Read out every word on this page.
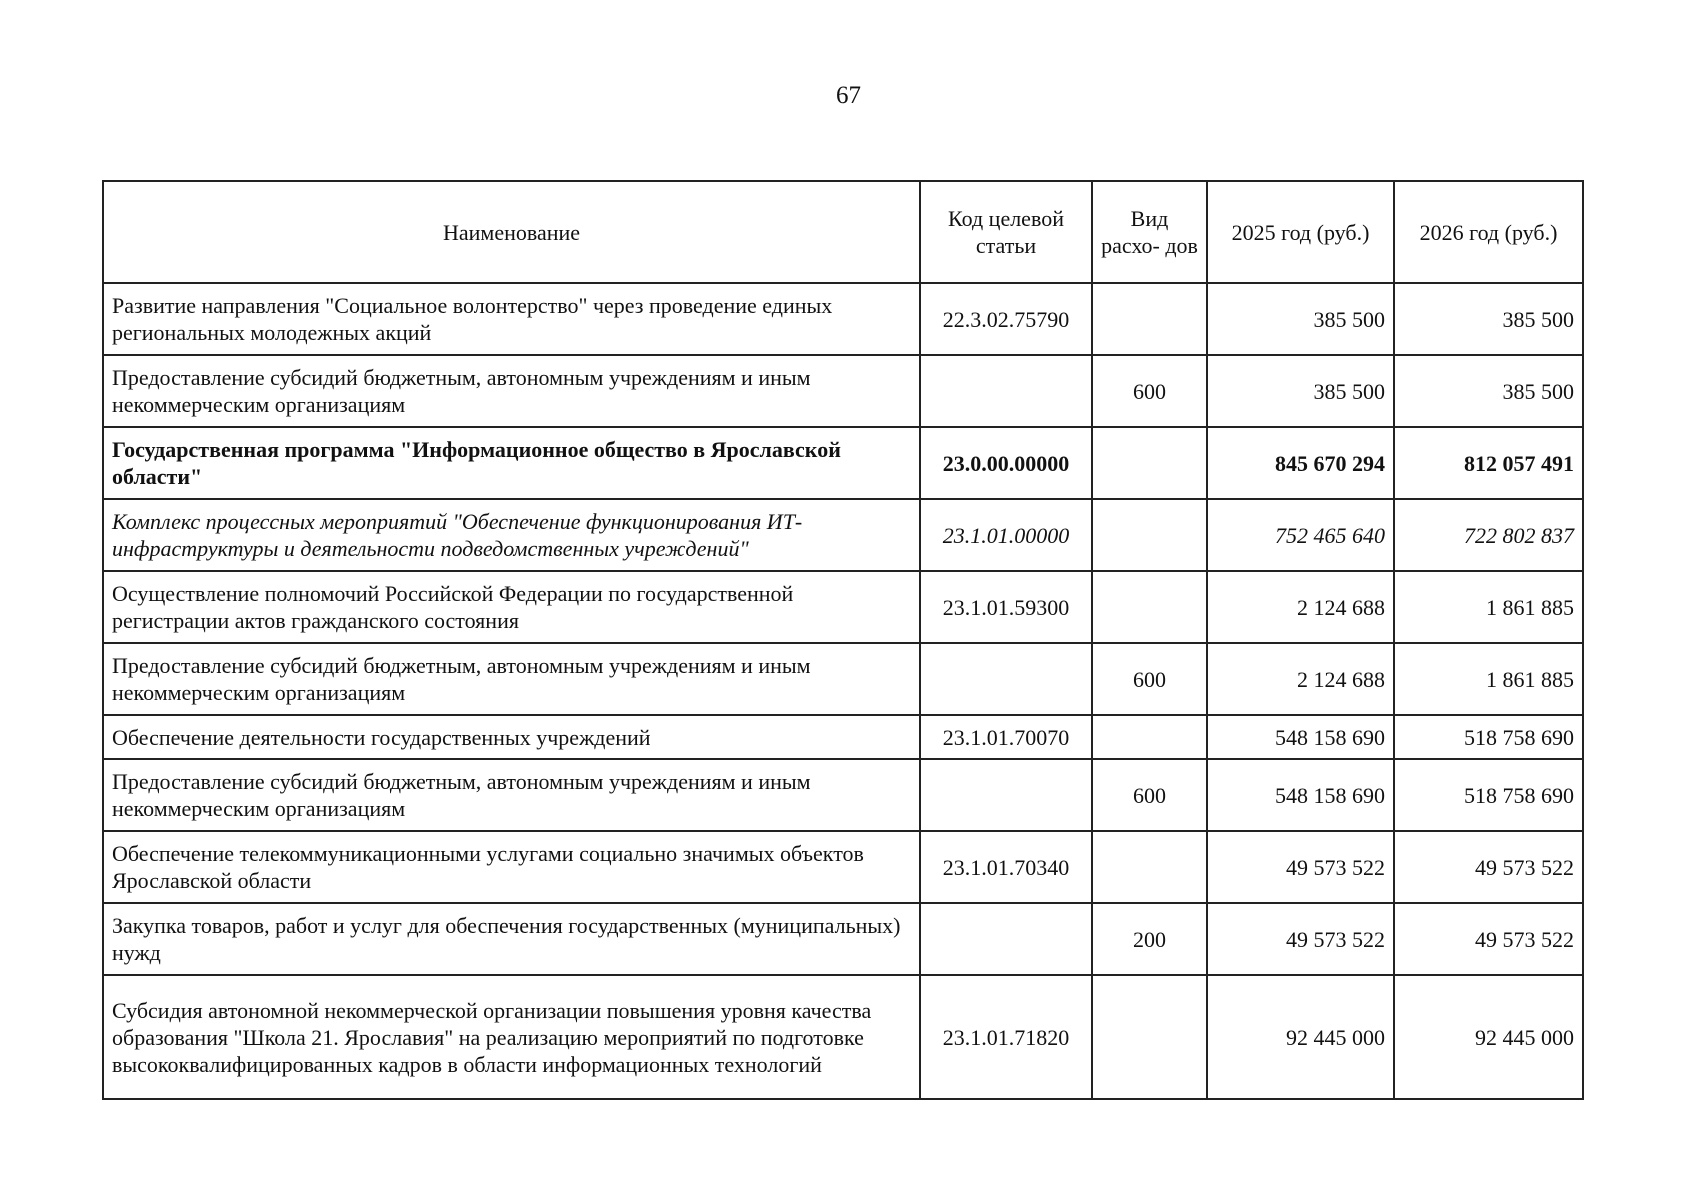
67
Наименование	Код целевой статьи	Вид расхо- дов	2025 год (руб.)	2026 год (руб.)
Развитие направления "Социальное волонтерство" через проведение единых региональных молодежных акций	22.3.02.75790		385 500	385 500
Предоставление субсидий бюджетным, автономным учреждениям и иным некоммерческим организациям		600	385 500	385 500
Государственная программа "Информационное общество в Ярославской области"	23.0.00.00000		845 670 294	812 057 491
Комплекс процессных мероприятий "Обеспечение функционирования ИТ-инфраструктуры и деятельности подведомственных учреждений"	23.1.01.00000		752 465 640	722 802 837
Осуществление полномочий Российской Федерации по государственной регистрации актов гражданского состояния	23.1.01.59300		2 124 688	1 861 885
Предоставление субсидий бюджетным, автономным учреждениям и иным некоммерческим организациям		600	2 124 688	1 861 885
Обеспечение деятельности государственных учреждений	23.1.01.70070		548 158 690	518 758 690
Предоставление субсидий бюджетным, автономным учреждениям и иным некоммерческим организациям		600	548 158 690	518 758 690
Обеспечение телекоммуникационными услугами социально значимых объектов Ярославской области	23.1.01.70340		49 573 522	49 573 522
Закупка товаров, работ и услуг для обеспечения государственных (муниципальных) нужд		200	49 573 522	49 573 522
Субсидия автономной некоммерческой организации повышения уровня качества образования "Школа 21. Ярославия" на реализацию мероприятий по подготовке высококвалифицированных кадров в области информационных технологий	23.1.01.71820		92 445 000	92 445 000
